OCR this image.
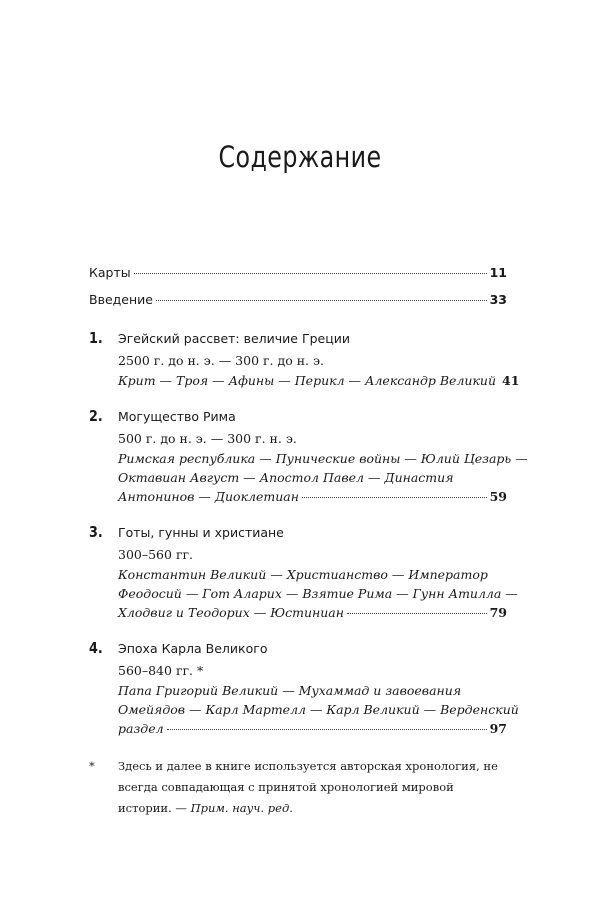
Содержание
Карты	11
Введение	33
1. Эгейский рассвет: величие Греции
2500 г. до н. э. — 300 г. до н. э.
Крит — Троя — Афины — Перикл — Александр Великий 41
2. Могущество Рима
500 г. до н. э. — 300 г. н. э.
Римская республика — Пунические войны — Юлий Цезарь —
Октавиан Август — Апостол Павел — Династия
Антонинов — Диоклетиан	59
3. Готы, гунны и христиане
300–560 гг.
Константин Великий — Христианство — Император
Феодосий — Гот Аларих — Взятие Рима — Гунн Атилла —
Хлодвиг и Теодорих — Юстиниан	79
4. Эпоха Карла Великого
560–840 гг. *
Папа Григорий Великий — Мухаммад и завоевания
Омейядов — Карл Мартелл — Карл Великий — Верденский
раздел	97
* Здесь и далее в книге используется авторская хронология, не всегда совпадающая с принятой хронологией мировой истории. — Прим. науч. ред.
